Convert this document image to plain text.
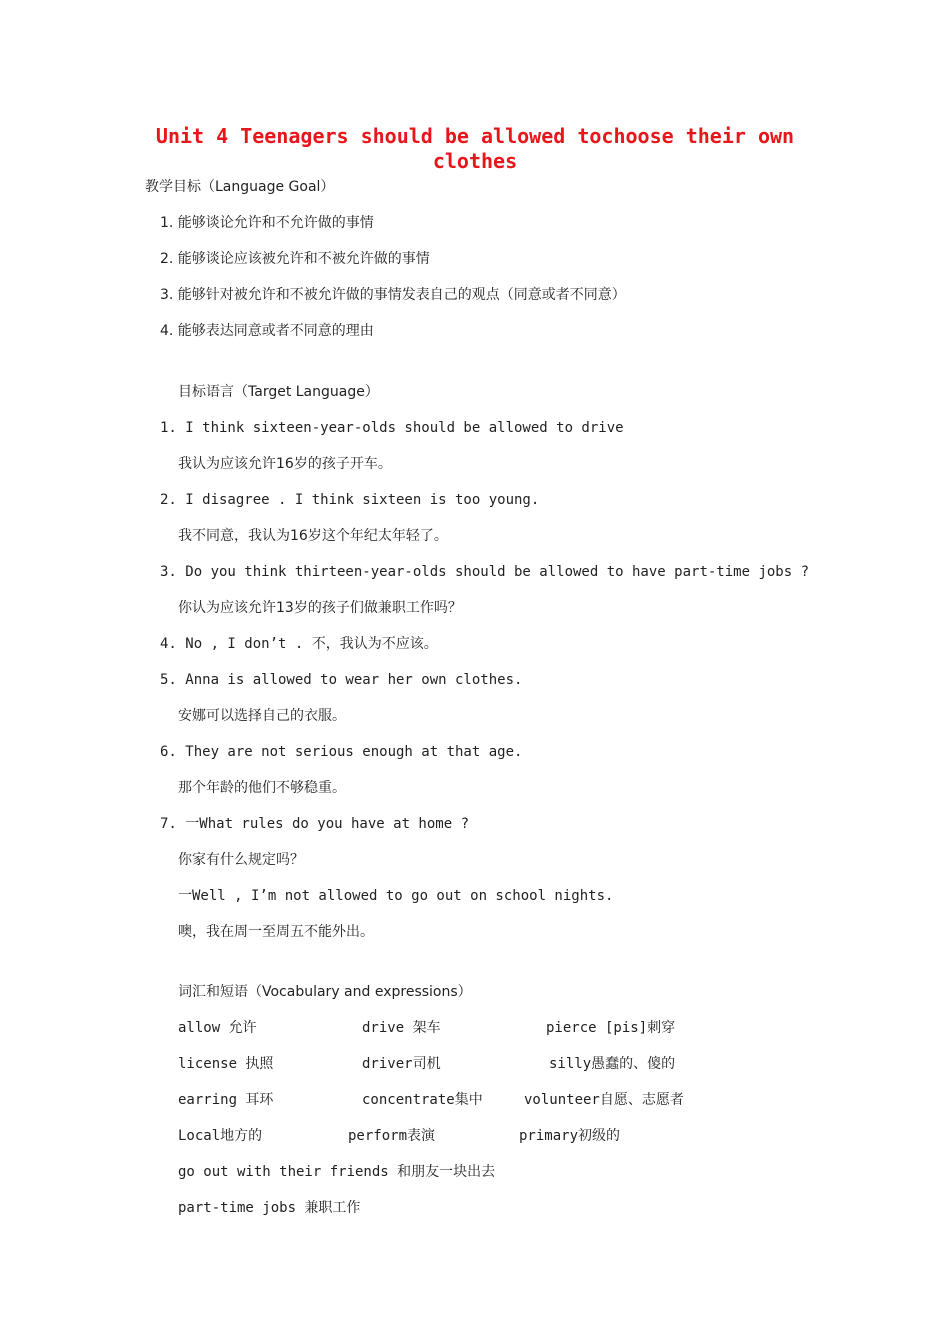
Unit 4 Teenagers should be allowed tochoose their own clothes
教学目标（Language Goal）
1. 能够谈论允许和不允许做的事情
2. 能够谈论应该被允许和不被允许做的事情
3. 能够针对被允许和不被允许做的事情发表自己的观点（同意或者不同意）
4. 能够表达同意或者不同意的理由
目标语言（Target Language）
1. I think sixteen-year-olds should be allowed to drive
我认为应该允许16岁的孩子开车。
2. I disagree . I think sixteen is too young.
我不同意，我认为16岁这个年纪太年轻了。
3. Do you think thirteen-year-olds should be allowed to have part-time jobs ?
你认为应该允许13岁的孩子们做兼职工作吗？
4. No , I don’t . 不，我认为不应该。
5. Anna is allowed to wear her own clothes.
安娜可以选择自己的衣服。
6. They are not serious enough at that age.
那个年龄的他们不够稳重。
7. 一What rules do you have at home ?
你家有什么规定吗？
一Well , I’m not allowed to go out on school nights.
噢，我在周一至周五不能外出。
词汇和短语（Vocabulary and expressions）
allow 允许	drive 架车	pierce [pis]刺穿
license 执照	driver司机	silly愚蠢的、傻的
earring 耳环	concentrate集中	volunteer自愿、志愿者
Local地方的	perform表演	primary初级的
go out with their friends 和朋友一块出去
part-time jobs 兼职工作
